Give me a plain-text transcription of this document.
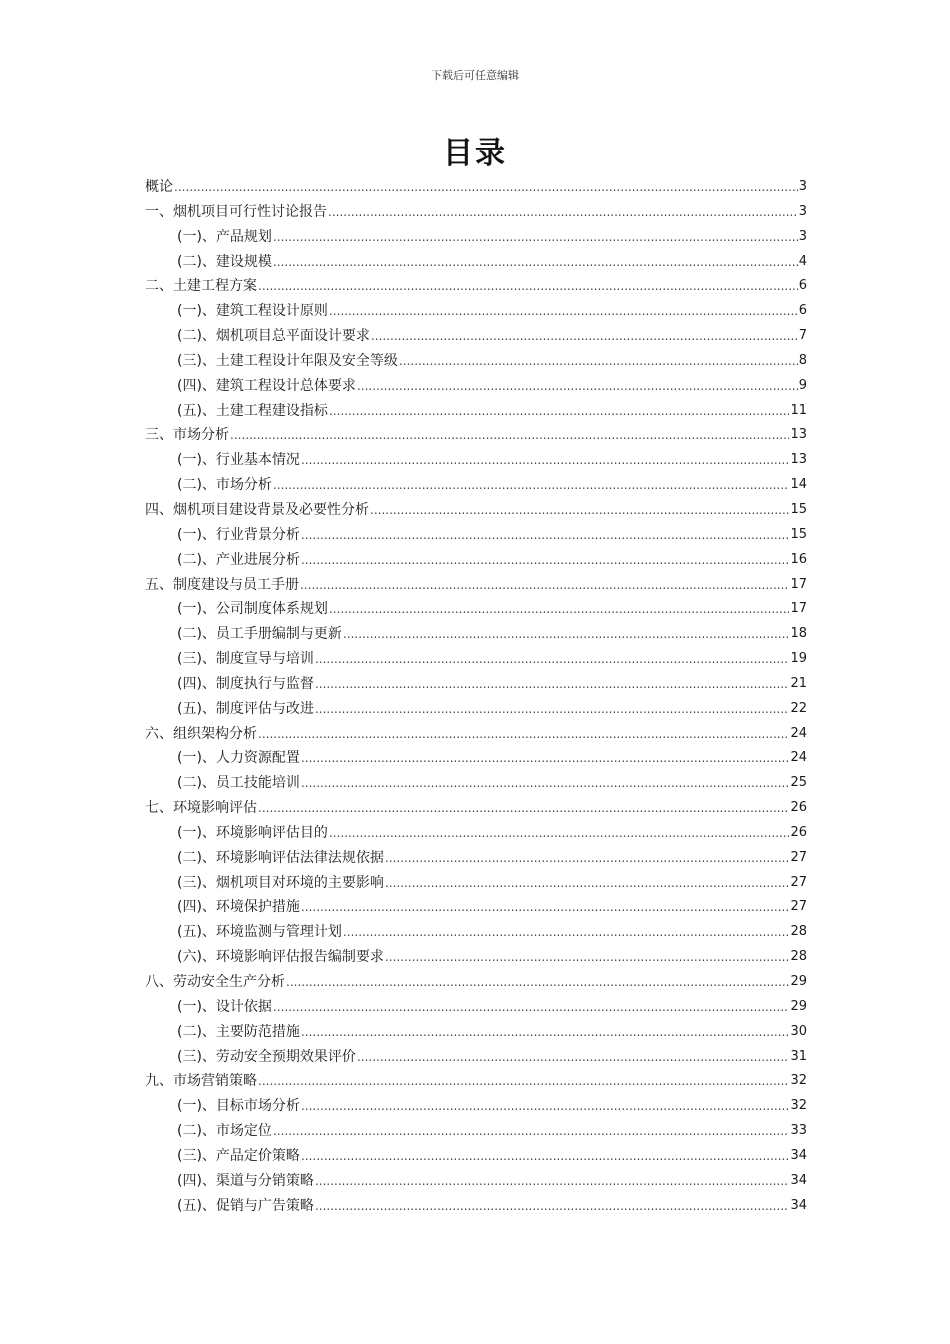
下载后可任意编辑
目录
概论 .....	3
一、烟机项目可行性讨论报告 .....	3
(一)、产品规划 .....	3
(二)、建设规模 .....	4
二、土建工程方案 .....	6
(一)、建筑工程设计原则 .....	6
(二)、烟机项目总平面设计要求 .....	7
(三)、土建工程设计年限及安全等级 .....	8
(四)、建筑工程设计总体要求 .....	9
(五)、土建工程建设指标 .....	11
三、市场分析 .....	13
(一)、行业基本情况 .....	13
(二)、市场分析 .....	14
四、烟机项目建设背景及必要性分析 .....	15
(一)、行业背景分析 .....	15
(二)、产业进展分析 .....	16
五、制度建设与员工手册 .....	17
(一)、公司制度体系规划 .....	17
(二)、员工手册编制与更新 .....	18
(三)、制度宣导与培训 .....	19
(四)、制度执行与监督 .....	21
(五)、制度评估与改进 .....	22
六、组织架构分析 .....	24
(一)、人力资源配置 .....	24
(二)、员工技能培训 .....	25
七、环境影响评估 .....	26
(一)、环境影响评估目的 .....	26
(二)、环境影响评估法律法规依据 .....	27
(三)、烟机项目对环境的主要影响 .....	27
(四)、环境保护措施 .....	27
(五)、环境监测与管理计划 .....	28
(六)、环境影响评估报告编制要求 .....	28
八、劳动安全生产分析 .....	29
(一)、设计依据 .....	29
(二)、主要防范措施 .....	30
(三)、劳动安全预期效果评价 .....	31
九、市场营销策略 .....	32
(一)、目标市场分析 .....	32
(二)、市场定位 .....	33
(三)、产品定价策略 .....	34
(四)、渠道与分销策略 .....	34
(五)、促销与广告策略 .....	34
